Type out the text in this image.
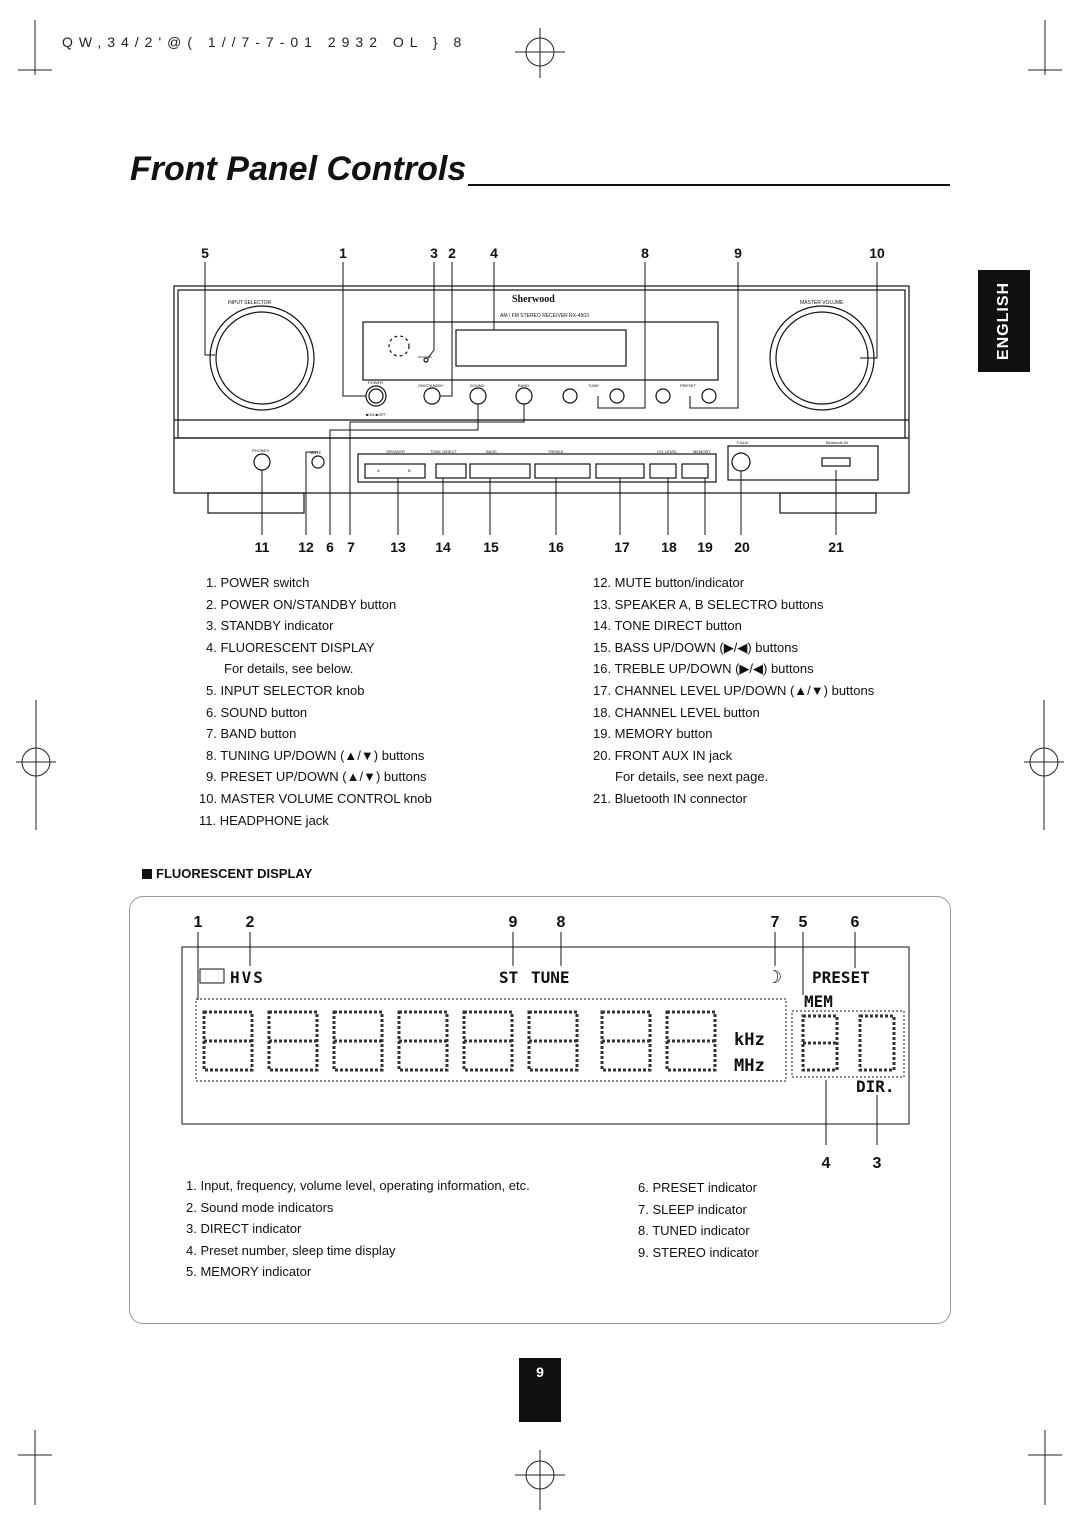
QW,34/2'@( 1//7-7-01 2932 OL } 8
Front Panel Controls
ENGLISH
5	1	3 2 4	8	9	10
INPUT SELECTOR	MASTER VOLUME
Sherwood
AM / FM STEREO RECEIVER RX-4503
POWER
ON/STANDBY	SOUND	BAND	TUNE	PRESET
■ON ■OFF
STANDBY
PHONES	MUTE	SPEAKER	TONE DIRECT	BASS	TREBLE	CH. LEVEL	MEMORY
F.AUX	Bluetooth IN
A	B
11 12 6 7	13 14 15	16	17 18 19 20	21
1. POWER switch
2. POWER ON/STANDBY button
3. STANDBY indicator
4. FLUORESCENT DISPLAY
For details, see below.
5. INPUT SELECTOR knob
6. SOUND button
7. BAND button
8. TUNING UP/DOWN (▲/▼) buttons
9. PRESET UP/DOWN (▲/▼) buttons
10. MASTER VOLUME CONTROL knob
11. HEADPHONE jack
12. MUTE button/indicator
13. SPEAKER A, B SELECTRO buttons
14. TONE DIRECT button
15. BASS UP/DOWN (▶/◀) buttons
16. TREBLE UP/DOWN (▶/◀) buttons
17. CHANNEL LEVEL UP/DOWN (▲/▼) buttons
18. CHANNEL LEVEL button
19. MEMORY button
20. FRONT AUX IN jack
For details, see next page.
21. Bluetooth IN connector
FLUORESCENT DISPLAY
1	2	9 8	7 5	6
4	3
HVS	ST TUNE	☽ PRESET
MEM
kHz
MHz
DIR.
1. Input, frequency, volume level, operating information, etc.
2. Sound mode indicators
3. DIRECT indicator
4. Preset number, sleep time display
5. MEMORY indicator
6. PRESET indicator
7. SLEEP indicator
8. TUNED indicator
9. STEREO indicator
9
